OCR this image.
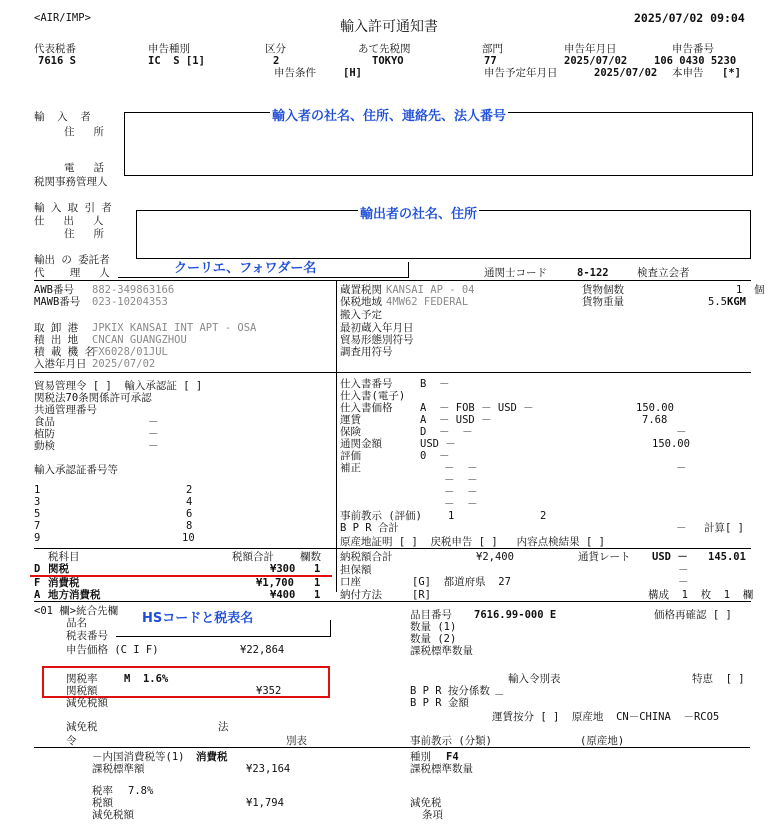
<AIR/IMP>
輸入許可通知書
2025/07/02 09:04
代表税番	申告種別	区分	あて先税関	部門	申告年月日	申告番号
7616 S	IC  S [1]	2	TOKYO	77	2025/07/02	106 0430 5230
申告条件	[H]	申告予定年月日	2025/07/02 本申告 [*]
輸  入  者
住   所
電   話
税関事務管理人
輸入者の社名、住所、連絡先、法人番号
輸 入 取 引 者
仕   出   人
住   所
輸出者の社名、住所
輸出 の 委託者
代    理   人	クーリエ、フォワダー名	通関士コード	8-122	検査立会者
AWB番号 882-349863166
MAWB番号 023-10204353
取 卸 港 JPKIX KANSAI INT APT - OSA
積 出 地 CNCAN GUANGZHOU
積 載 機 名
FX6028/01JUL
入港年月日 2025/07/02
蔵置税関 KANSAI AP - 04
保税地域 4MW62 FEDERAL
搬入予定
最初蔵入年月日
貿易形態別符号
調査用符号
貨物個数	1 個
貨物重量	5.5 KGM
貿易管理令 [ ]  輸入承認証 [ ]
関税法70条関係許可承認
共通管理番号
食品	－
植防	－
動検	－
輸入承認証番号等
1	2
3	4
5	6
7	8
9	10
仕入書番号	B  －
仕入書(電子)
仕入書価格	A  － FOB － USD －	150.00
運賃	A  － USD －	7.68
保険	D  －  －	－
通関金額	USD －	150.00
評価	0  －
補正	－  －	－
－  －
－  －
－  －
事前教示 (評価) 1	2
B P R 合計	－ 計算[ ]
原産地証明 [ ]  戻税申告 [ ]   内容点検結果 [ ]
税科目	税額合計 欄数
D 関税	¥300 1
F 消費税	¥1,700 1
A 地方消費税	¥400 1
納税額合計	¥2,400	通貨レート USD － 145.01
担保額	－
口座	[G]  都道府県  27	－
納付方法	[R]	構成  1  枚  1  欄
<01 欄>統合先欄
品名
税表番号
HSコードと税表名
申告価格 (C I F)	¥22,864
品目番号 7616.99-000 E	価格再確認 [ ]
数量 (1)
数量 (2)
課税標準数量
関税率	M  1.6%
関税額	¥352
減免税額
輸入令別表	特恵  [ ]
B P R 按分係数 －
B P R 金額
運賃按分 [ ]  原産地  CN－CHINA  －RCO5
減免税	法
令	別表	事前教示 (分類)	(原産地)
－内国消費税等(1) 消費税
課税標準額	¥23,164
種別 F4
課税標準数量
税率 7.8%
税額	¥1,794
減免税額
減免税
条項
